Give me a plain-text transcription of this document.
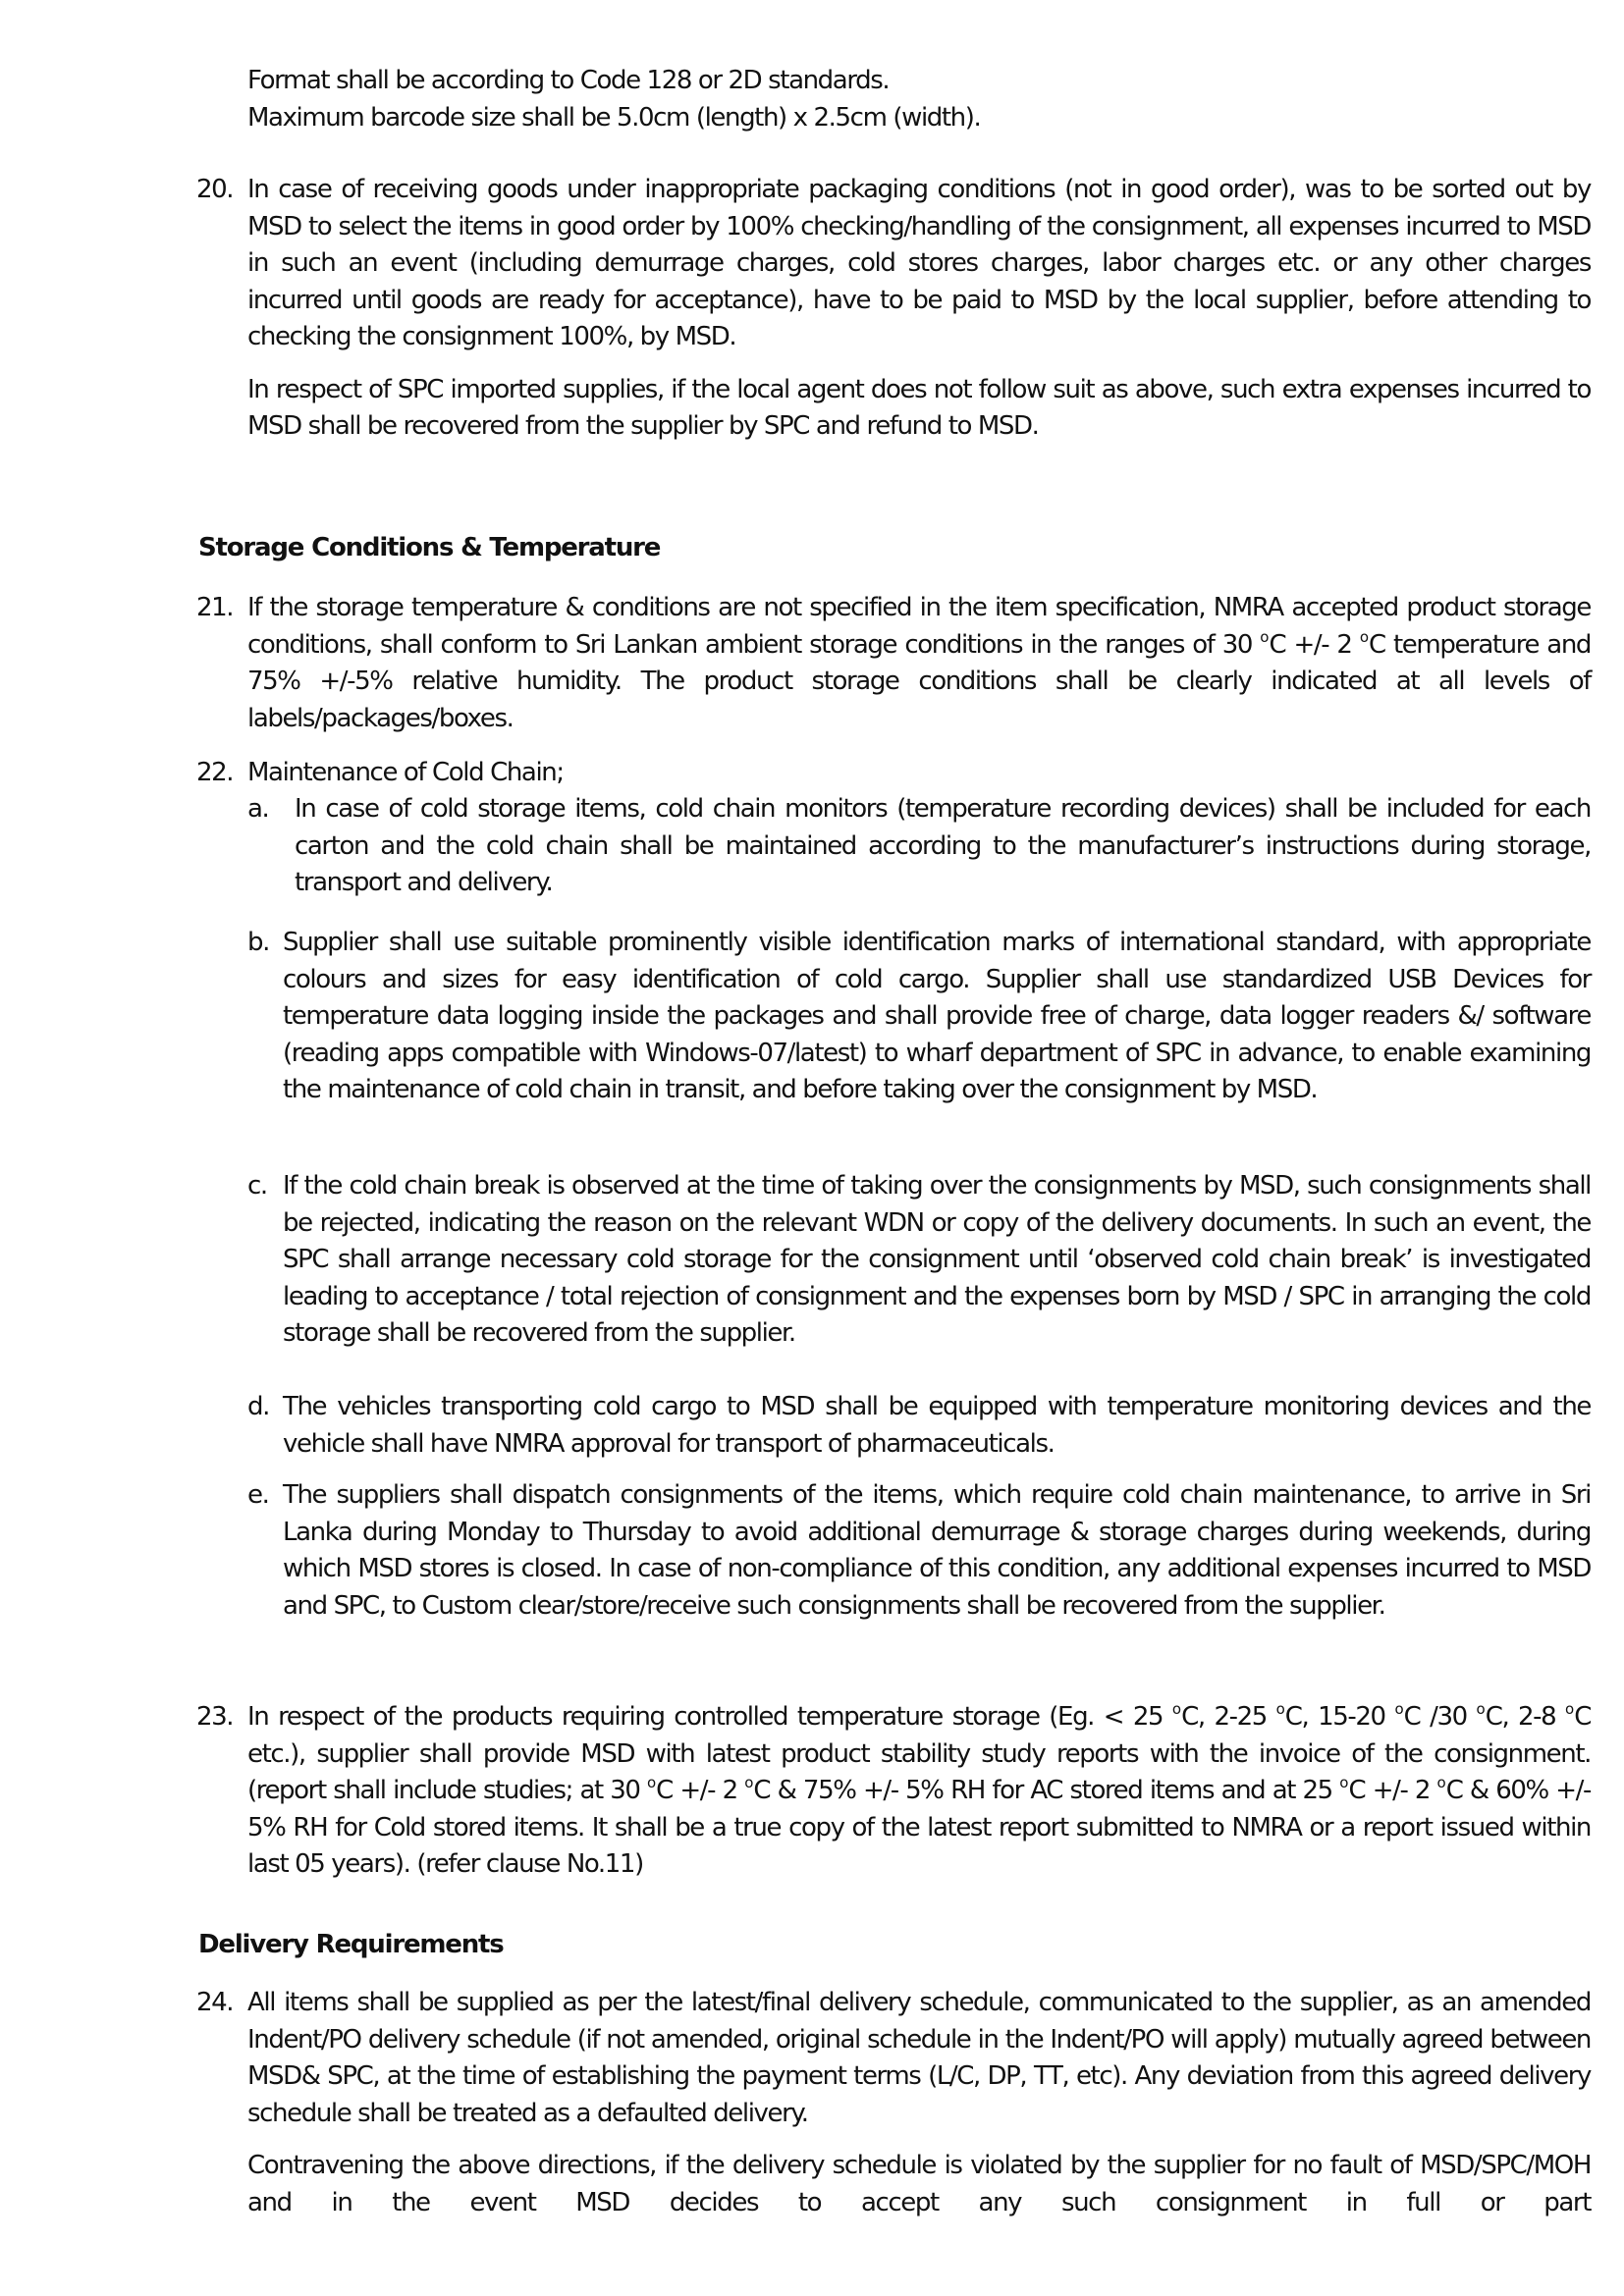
Format shall be according to Code 128 or 2D standards.
Maximum barcode size shall be 5.0cm (length) x 2.5cm (width).
20. In case of receiving goods under inappropriate packaging conditions (not in good order), was to be sorted out by MSD to select the items in good order by 100% checking/handling of the consignment, all expenses incurred to MSD in such an event (including demurrage charges, cold stores charges, labor charges etc. or any other charges incurred until goods are ready for acceptance), have to be paid to MSD by the local supplier, before attending to checking the consignment 100%, by MSD.
In respect of SPC imported supplies, if the local agent does not follow suit as above, such extra expenses incurred to MSD shall be recovered from the supplier by SPC and refund to MSD.
Storage Conditions & Temperature
21. If the storage temperature & conditions are not specified in the item specification, NMRA accepted product storage conditions, shall conform to Sri Lankan ambient storage conditions in the ranges of 30 $^o$C +/- 2 $^o$C temperature and 75% +/-5% relative humidity. The product storage conditions shall be clearly indicated at all levels of labels/packages/boxes.
22. Maintenance of Cold Chain;
a.	In case of cold storage items, cold chain monitors (temperature recording devices) shall be included for each carton and the cold chain shall be maintained according to the manufacturer’s instructions during storage, transport and delivery.
b. Supplier shall use suitable prominently visible identification marks of international standard, with appropriate colours and sizes for easy identification of cold cargo. Supplier shall use standardized USB Devices for temperature data logging inside the packages and shall provide free of charge, data logger readers &/ software (reading apps compatible with Windows-07/latest) to wharf department of SPC in advance, to enable examining the maintenance of cold chain in transit, and before taking over the consignment by MSD.
c. If the cold chain break is observed at the time of taking over the consignments by MSD, such consignments shall be rejected, indicating the reason on the relevant WDN or copy of the delivery documents. In such an event, the SPC shall arrange necessary cold storage for the consignment until ‘observed cold chain break’ is investigated leading to acceptance / total rejection of consignment and the expenses born by MSD / SPC in arranging the cold storage shall be recovered from the supplier.
d. The vehicles transporting cold cargo to MSD shall be equipped with temperature monitoring devices and the vehicle shall have NMRA approval for transport of pharmaceuticals.
e. The suppliers shall dispatch consignments of the items, which require cold chain maintenance, to arrive in Sri Lanka during Monday to Thursday to avoid additional demurrage & storage charges during weekends, during which MSD stores is closed. In case of non-compliance of this condition, any additional expenses incurred to MSD and SPC, to Custom clear/store/receive such consignments shall be recovered from the supplier.
23. In respect of the products requiring controlled temperature storage (Eg. < 25 $^o$C, 2-25 $^o$C, 15-20 $^o$C /30 $^o$C, 2-8 $^o$C etc.), supplier shall provide MSD with latest product stability study reports with the invoice of the consignment.(report shall include studies; at 30 $^o$C +/- 2 $^o$C & 75% +/- 5% RH for AC stored items and at 25 $^o$C +/- 2 $^o$C & 60% +/- 5% RH for Cold stored items. It shall be a true copy of the latest report submitted to NMRA or a report issued within last 05 years). (refer clause No.11)
Delivery Requirements
24. All items shall be supplied as per the latest/final delivery schedule, communicated to the supplier, as an amended Indent/PO delivery schedule (if not amended, original schedule in the Indent/PO will apply) mutually agreed between MSD& SPC, at the time of establishing the payment terms (L/C, DP, TT, etc). Any deviation from this agreed delivery schedule shall be treated as a defaulted delivery.
Contravening the above directions, if the delivery schedule is violated by the supplier for no fault of MSD/SPC/MOH and in the event MSD decides to accept any such consignment in full or part
